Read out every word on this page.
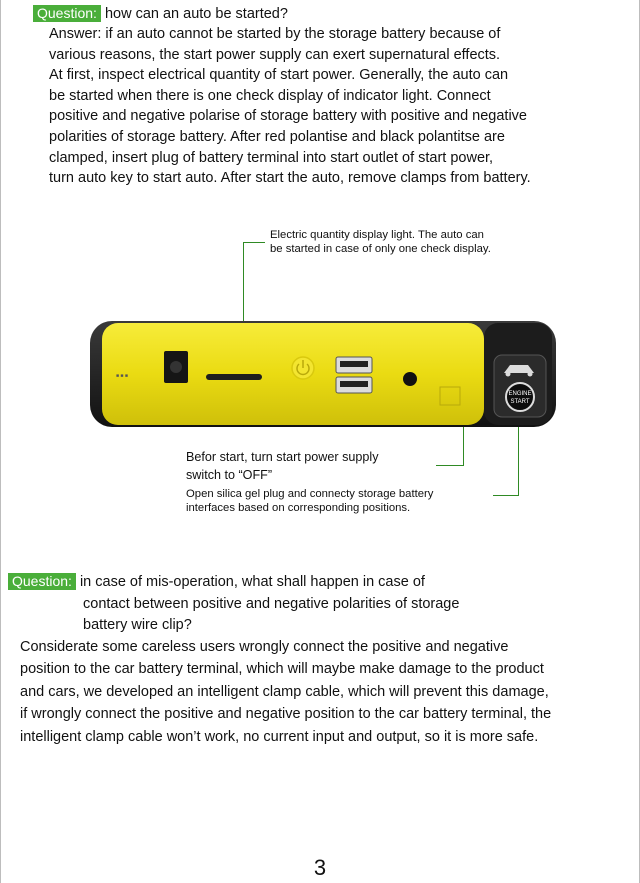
Question: how can an auto be started?
Answer: if an auto cannot be started by the storage battery because of
various reasons, the start power supply can exert supernatural effects.
At first, inspect electrical quantity of start power. Generally, the auto can
be started when there is one check display of indicator light. Connect
positive and negative polarise of storage battery with positive and negative
polarities of storage battery. After red polantise and black polantitse are
clamped, insert plug of battery terminal into start outlet of start power,
turn auto key to start auto. After start the auto, remove clamps from battery.
Electric quantity display light. The auto can
be started in case of only one check display.
■ ■ ■
ENGINE
START
Befor start, turn start power supply
switch to “OFF”
Open silica gel plug and connecty storage battery
interfaces based on corresponding positions.
Question: in case of mis-operation, what shall happen in case of
contact between positive and negative polarities of storage
battery wire clip?
Considerate some careless users wrongly connect the positive and negative
position to the car battery terminal, which will maybe make damage to the product
and cars, we developed an intelligent clamp cable, which will prevent this damage,
if wrongly connect the positive and negative position to the car battery terminal, the
intelligent clamp cable won’t work, no current input and output, so it is more safe.
3
